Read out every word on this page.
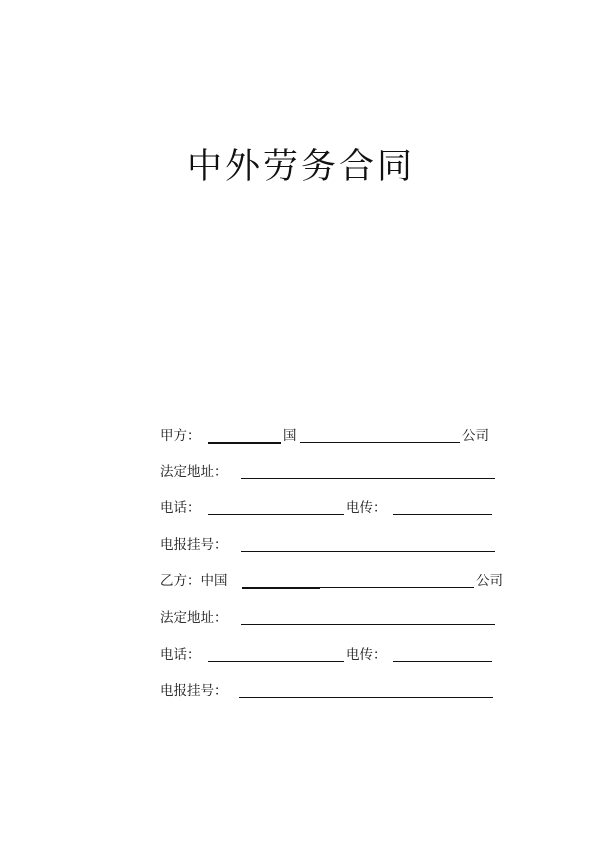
中外劳务合同
甲方：	国	公司
法定地址：
电话：	电传：
电报挂号：
乙方：中国	公司
法定地址：
电话：	电传：
电报挂号：
